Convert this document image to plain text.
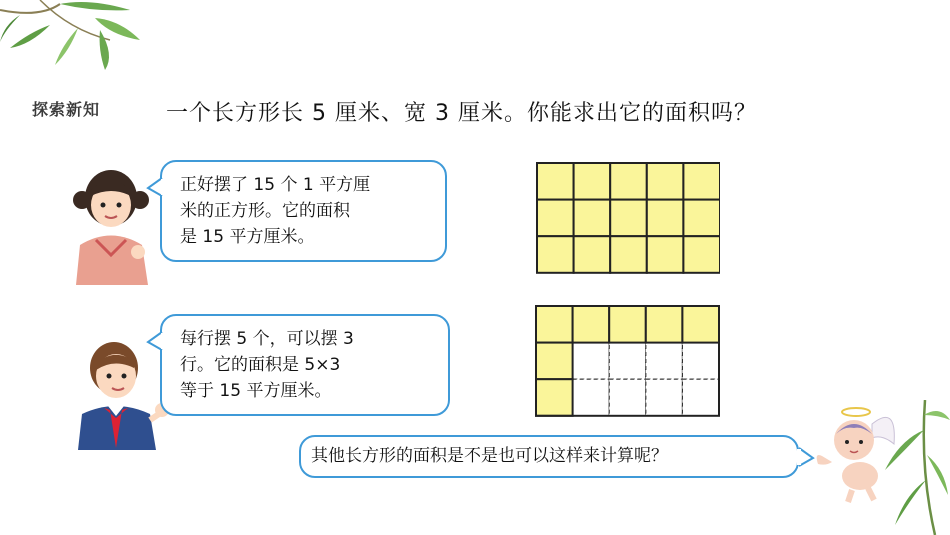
探索新知	一个长方形长 5 厘米、宽 3 厘米。你能求出它的面积吗？
正好摆了 15 个 1 平方厘
米的正方形。它的面积
是 15 平方厘米。
每行摆 5 个，可以摆 3
行。它的面积是 5×3
等于 15 平方厘米。
其他长方形的面积是不是也可以这样来计算呢？
